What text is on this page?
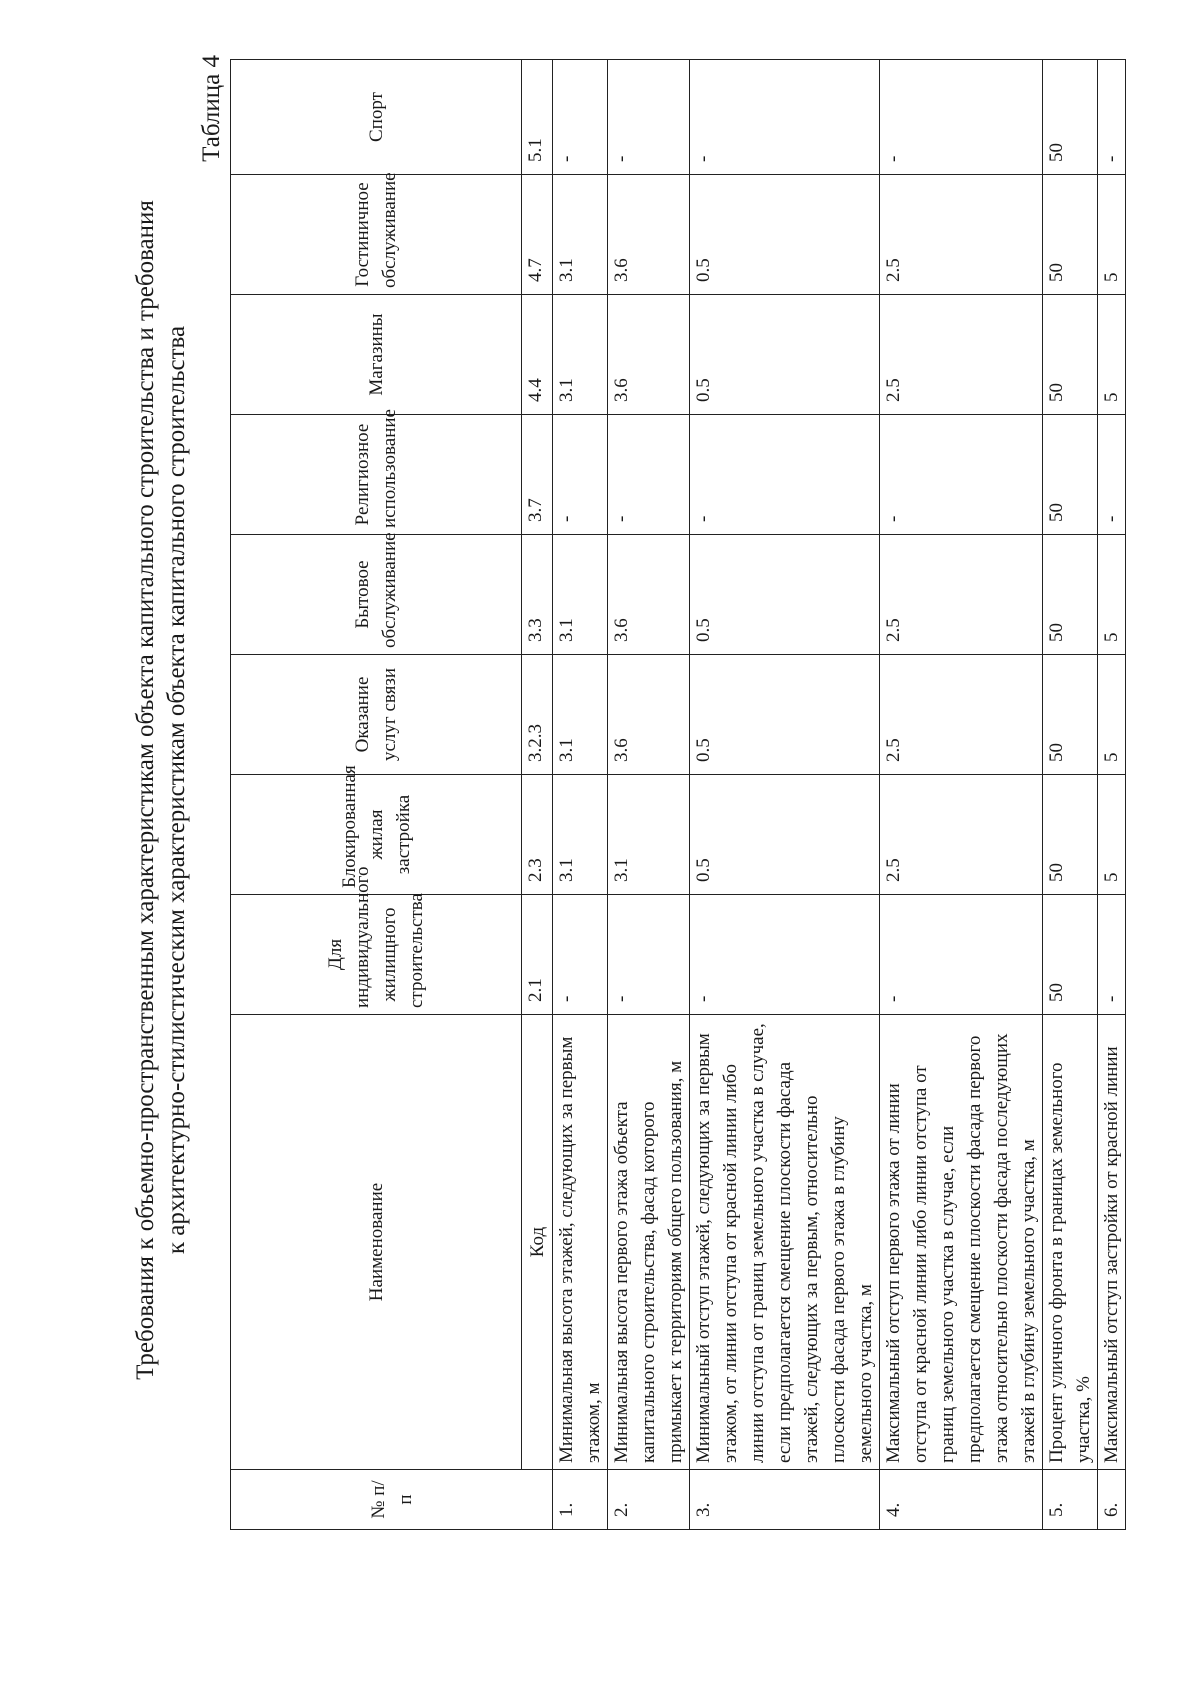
Требования к объемно-пространственным характеристикам объекта капитального строительства и требования к архитектурно-стилистическим характеристикам объекта капитального строительства
Таблица 4
№ п/п	Наименование	Для индивидуального жилищного строительства	Блокированная жилая застройка	Оказание услуг связи	Бытовое обслуживание	Религиозное использование	Магазины	Гостиничное обслуживание	Спорт
	Код	2.1	2.3	3.2.3	3.3	3.7	4.4	4.7	5.1
1.	Минимальная высота этажей, следующих за первым этажом, м	-	3.1	3.1	3.1	-	3.1	3.1	-
2.	Минимальная высота первого этажа объекта капитального строительства, фасад которого примыкает к территориям общего пользования, м	-	3.1	3.6	3.6	-	3.6	3.6	-
3.	Минимальный отступ этажей, следующих за первым этажом, от линии отступа от красной линии либо линии отступа от границ земельного участка в случае, если предполагается смещение плоскости фасада этажей, следующих за первым, относительно плоскости фасада первого этажа в глубину земельного участка, м	-	0.5	0.5	0.5	-	0.5	0.5	-
4.	Максимальный отступ первого этажа от линии отступа от красной линии либо линии отступа от границ земельного участка в случае, если предполагается смещение плоскости фасада первого этажа относительно плоскости фасада последующих этажей в глубину земельного участка, м	-	2.5	2.5	2.5	-	2.5	2.5	-
5.	Процент уличного фронта в границах земельного участка, %	50	50	50	50	50	50	50	50
6.	Максимальный отступ застройки от красной линии	-	5	5	5	-	5	5	-
